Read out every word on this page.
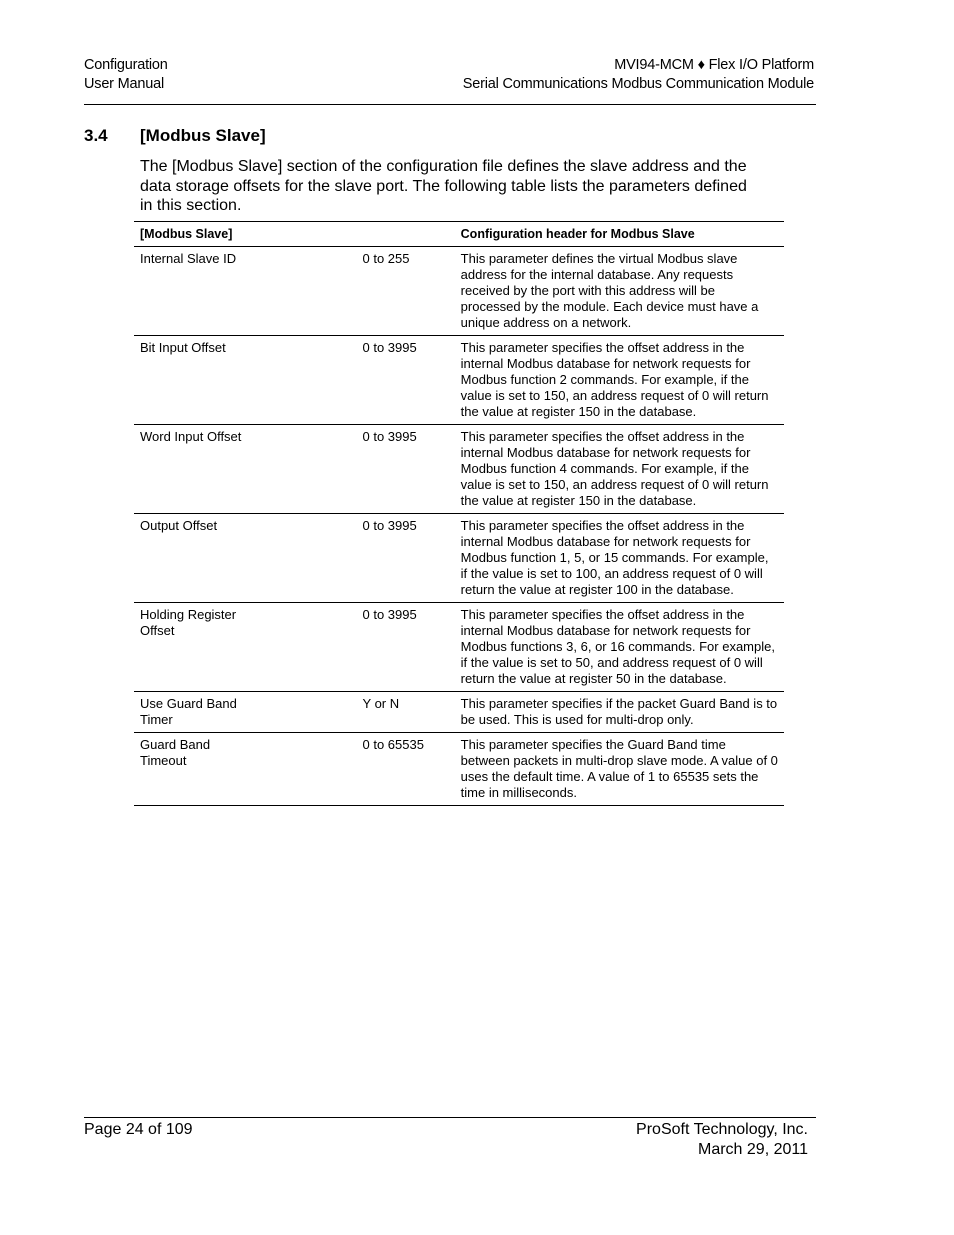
Configuration
User Manual
MVI94-MCM ♦ Flex I/O Platform
Serial Communications Modbus Communication Module
3.4 [Modbus Slave]
The [Modbus Slave] section of the configuration file defines the slave address and the data storage offsets for the slave port. The following table lists the parameters defined in this section.
[Modbus Slave]		Configuration header for Modbus Slave
Internal Slave ID	0 to 255	This parameter defines the virtual Modbus slave address for the internal database. Any requests received by the port with this address will be processed by the module. Each device must have a unique address on a network.
Bit Input Offset	0 to 3995	This parameter specifies the offset address in the internal Modbus database for network requests for Modbus function 2 commands. For example, if the value is set to 150, an address request of 0 will return the value at register 150 in the database.
Word Input Offset	0 to 3995	This parameter specifies the offset address in the internal Modbus database for network requests for Modbus function 4 commands. For example, if the value is set to 150, an address request of 0 will return the value at register 150 in the database.
Output Offset	0 to 3995	This parameter specifies the offset address in the internal Modbus database for network requests for Modbus function 1, 5, or 15 commands. For example, if the value is set to 100, an address request of 0 will return the value at register 100 in the database.
Holding Register Offset	0 to 3995	This parameter specifies the offset address in the internal Modbus database for network requests for Modbus functions 3, 6, or 16 commands. For example, if the value is set to 50, and address request of 0 will return the value at register 50 in the database.
Use Guard Band Timer	Y or N	This parameter specifies if the packet Guard Band is to be used. This is used for multi-drop only.
Guard Band Timeout	0 to 65535	This parameter specifies the Guard Band time between packets in multi-drop slave mode. A value of 0 uses the default time. A value of 1 to 65535 sets the time in milliseconds.
Page 24 of 109	ProSoft Technology, Inc.
March 29, 2011
